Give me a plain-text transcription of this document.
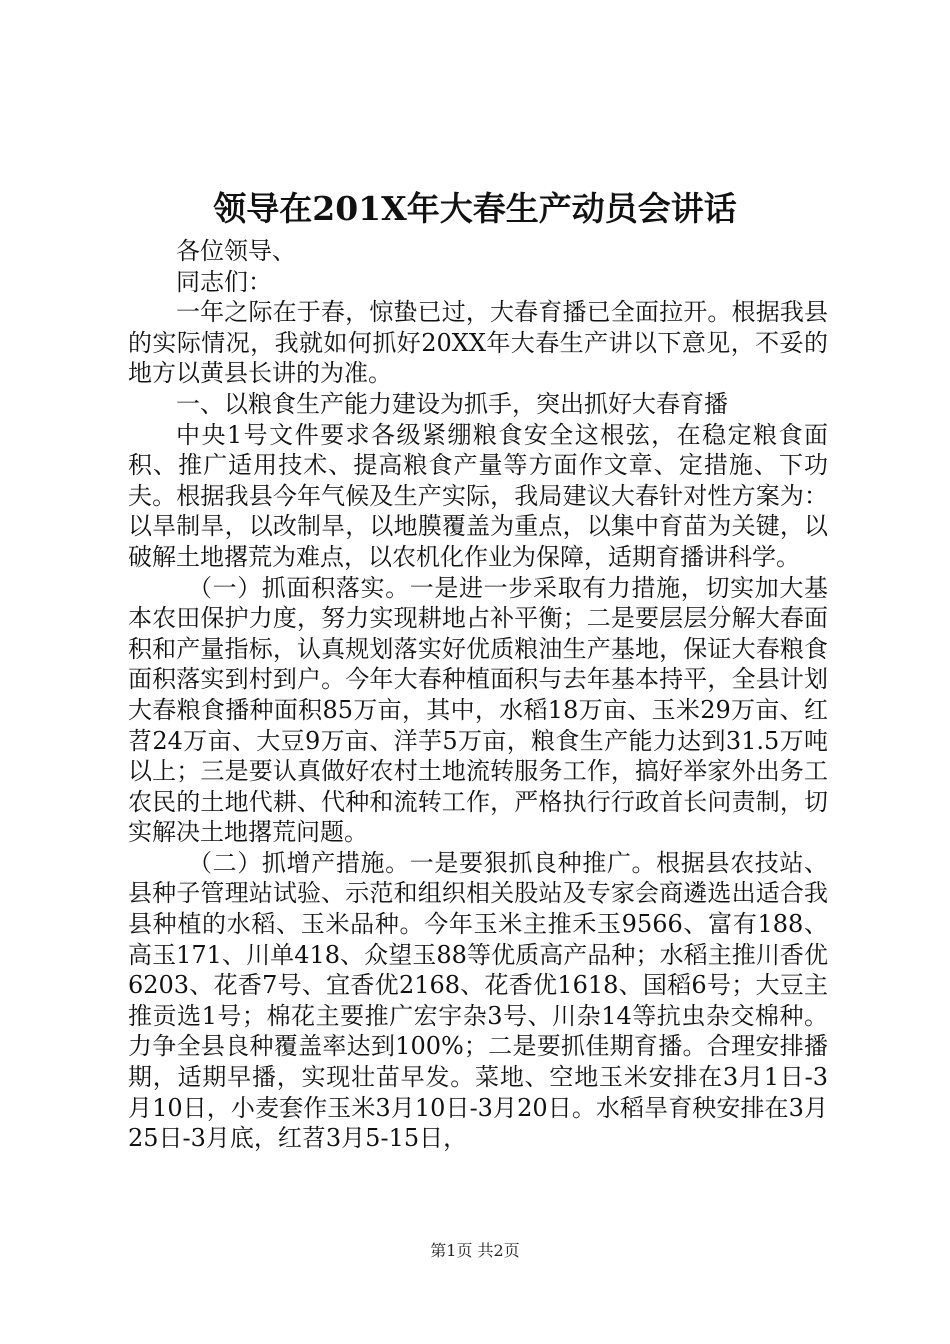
领导在201X年大春生产动员会讲话

各位领导、

同志们：

一年之际在于春，惊蛰已过，大春育播已全面拉开。根据我县的实际情况，我就如何抓好20XX年大春生产讲以下意见，不妥的地方以黄县长讲的为准。

一、以粮食生产能力建设为抓手，突出抓好大春育播

中央1号文件要求各级紧绷粮食安全这根弦，在稳定粮食面积、推广适用技术、提高粮食产量等方面作文章、定措施、下功夫。根据我县今年气候及生产实际，我局建议大春针对性方案为：以旱制旱，以改制旱，以地膜覆盖为重点，以集中育苗为关键，以破解土地撂荒为难点，以农机化作业为保障，适期育播讲科学。

（一）抓面积落实。一是进一步采取有力措施，切实加大基本农田保护力度，努力实现耕地占补平衡；二是要层层分解大春面积和产量指标，认真规划落实好优质粮油生产基地，保证大春粮食面积落实到村到户。今年大春种植面积与去年基本持平，全县计划大春粮食播种面积85万亩，其中，水稻18万亩、玉米29万亩、红苕24万亩、大豆9万亩、洋芋5万亩，粮食生产能力达到31.5万吨以上；三是要认真做好农村土地流转服务工作，搞好举家外出务工农民的土地代耕、代种和流转工作，严格执行行政首长问责制，切实解决土地撂荒问题。

（二）抓增产措施。一是要狠抓良种推广。根据县农技站、县种子管理站试验、示范和组织相关股站及专家会商遴选出适合我县种植的水稻、玉米品种。今年玉米主推禾玉9566、富有188、高玉171、川单418、众望玉88等优质高产品种；水稻主推川香优6203、花香7号、宜香优2168、花香优1618、国稻6号；大豆主推贡选1号；棉花主要推广宏宇杂3号、川杂14等抗虫杂交棉种。力争全县良种覆盖率达到100%；二是要抓佳期育播。合理安排播期，适期早播，实现壮苗早发。菜地、空地玉米安排在3月1日-3月10日，小麦套作玉米3月10日-3月20日。水稻旱育秧安排在3月25日-3月底，红苕3月5-15日，

第1页 共2页
